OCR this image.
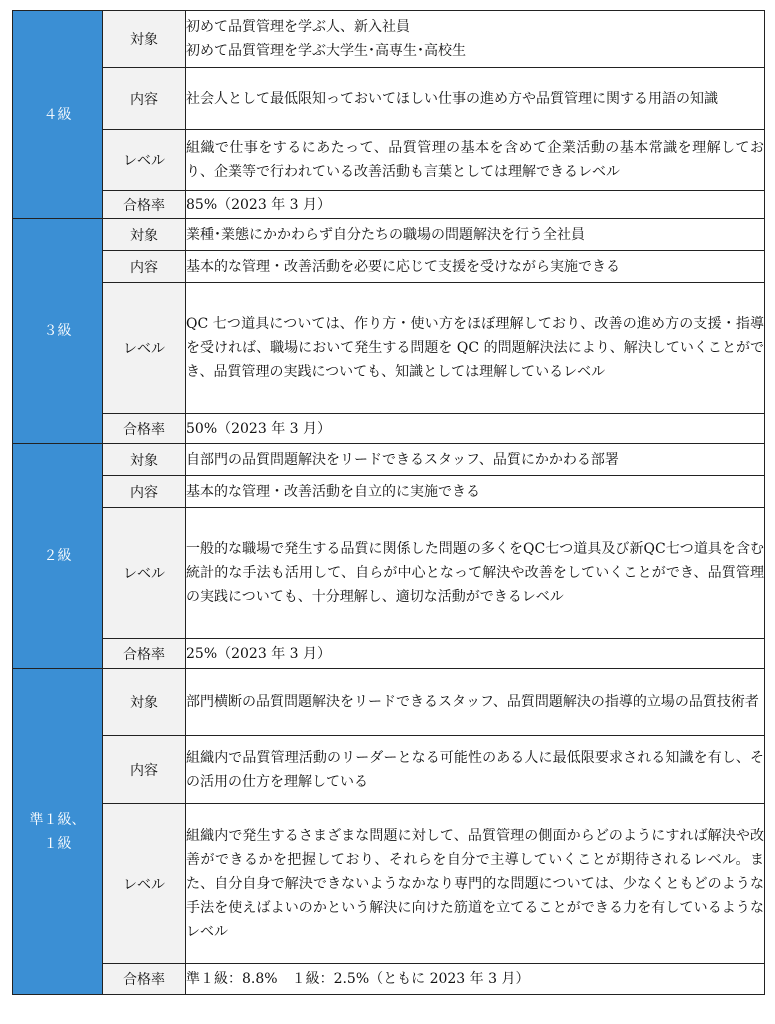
４級	対象	初めて品質管理を学ぶ人、新入社員
初めて品質管理を学ぶ大学生･高専生･高校生

	内容	社会人として最低限知っておいてほしい仕事の進め方や品質管理に関する用語の知識
	レベル	組織で仕事をするにあたって、品質管理の基本を含めて企業活動の基本常識を理解しており、企業等で行われている改善活動も言葉としては理解できるレベル
	合格率	85%（2023 年 3 月）
３級	対象	業種･業態にかかわらず自分たちの職場の問題解決を行う全社員

	内容	基本的な管理・改善活動を必要に応じて支援を受けながら実施できる
	レベル	QC 七つ道具については、作り方・使い方をほぼ理解しており、改善の進め方の支援・指導を受ければ、職場において発生する問題を QC 的問題解決法により、解決していくことができ、品質管理の実践についても、知識としては理解しているレベル
	合格率	50%（2023 年 3 月）
２級	対象	自部門の品質問題解決をリードできるスタッフ、品質にかかわる部署

	内容	基本的な管理・改善活動を自立的に実施できる
	レベル	一般的な職場で発生する品質に関係した問題の多くをQC七つ道具及び新QC七つ道具を含む統計的な手法も活用して、自らが中心となって解決や改善をしていくことができ、品質管理の実践についても、十分理解し、適切な活動ができるレベル
	合格率	25%（2023 年 3 月）

準１級、
１級	対象	部門横断の品質問題解決をリードできるスタッフ、品質問題解決の指導的立場の品質技術者

	内容	組織内で品質管理活動のリーダーとなる可能性のある人に最低限要求される知識を有し、その活用の仕方を理解している
	レベル	組織内で発生するさまざまな問題に対して、品質管理の側面からどのようにすれば解決や改善ができるかを把握しており、それらを自分で主導していくことが期待されるレベル。また、自分自身で解決できないようなかなり専門的な問題については、少なくともどのような手法を使えばよいのかという解決に向けた筋道を立てることができる力を有しているようなレベル
	合格率	準１級：8.8%　１級：2.5%（ともに 2023 年 3 月）
